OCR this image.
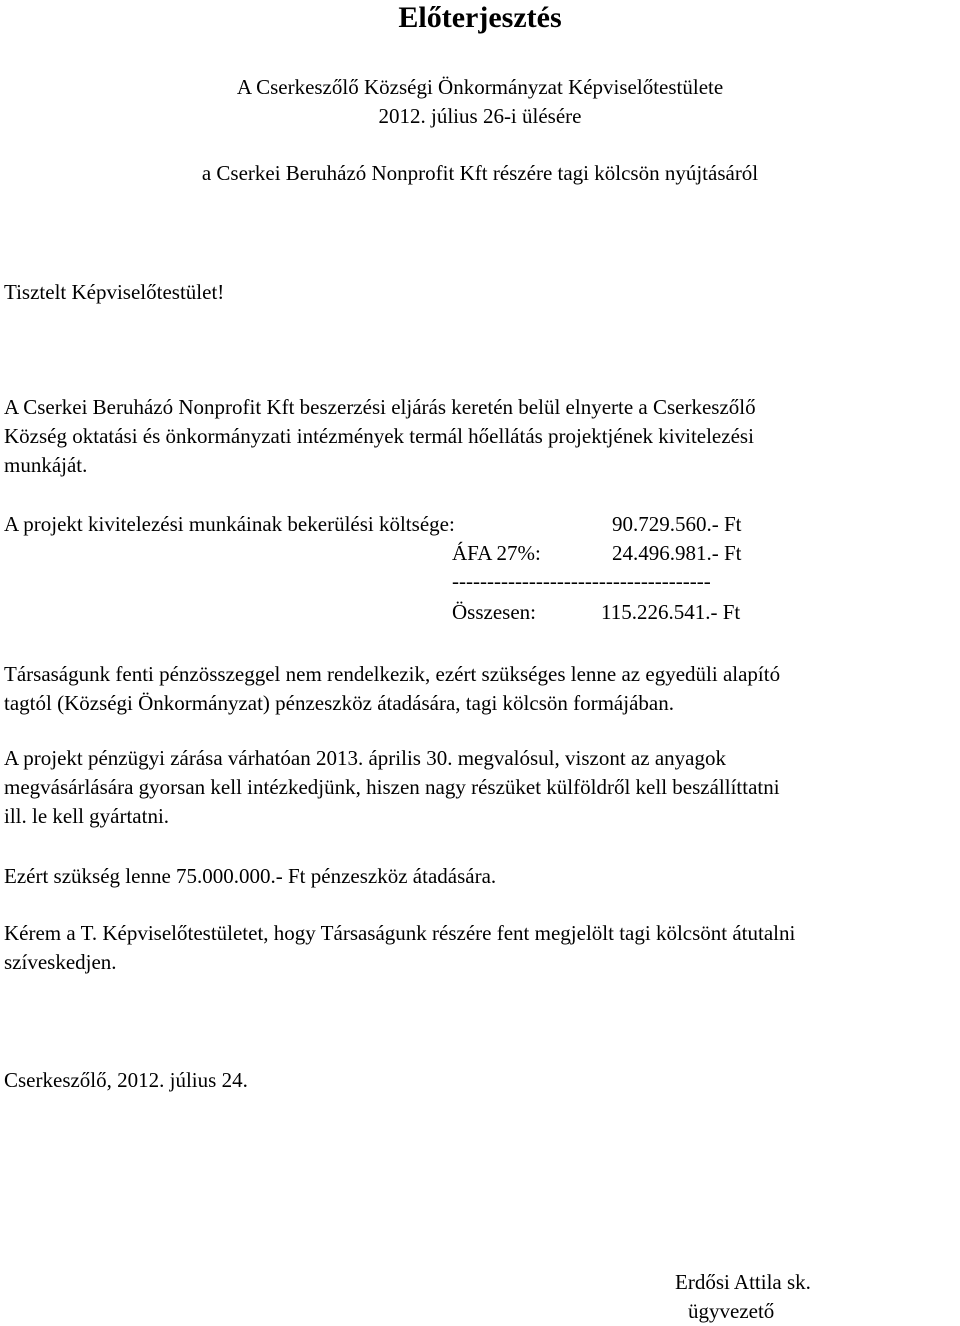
Előterjesztés
A Cserkeszőlő Községi Önkormányzat Képviselőtestülete
2012. július 26-i ülésére
a Cserkei Beruházó Nonprofit Kft részére tagi kölcsön nyújtásáról
Tisztelt Képviselőtestület!
A Cserkei Beruházó Nonprofit Kft beszerzési eljárás keretén belül elnyerte a Cserkeszőlő
Község oktatási és önkormányzati intézmények termál hőellátás projektjének kivitelezési
munkáját.
A projekt kivitelezési munkáinak bekerülési költsége:	90.729.560.- Ft
ÁFA 27%:	24.496.981.- Ft
-------------------------------------
Összesen:	115.226.541.- Ft
Társaságunk fenti pénzösszeggel nem rendelkezik, ezért szükséges lenne az egyedüli alapító
tagtól (Községi Önkormányzat) pénzeszköz átadására, tagi kölcsön formájában.
A projekt pénzügyi zárása várhatóan 2013. április 30. megvalósul, viszont az anyagok
megvásárlására gyorsan kell intézkedjünk, hiszen nagy részüket külföldről kell beszállíttatni
ill. le kell gyártatni.
Ezért szükség lenne 75.000.000.- Ft pénzeszköz átadására.
Kérem a T. Képviselőtestületet, hogy Társaságunk részére fent megjelölt tagi kölcsönt átutalni
szíveskedjen.
Cserkeszőlő, 2012. július 24.
Erdősi Attila sk.
ügyvezető
